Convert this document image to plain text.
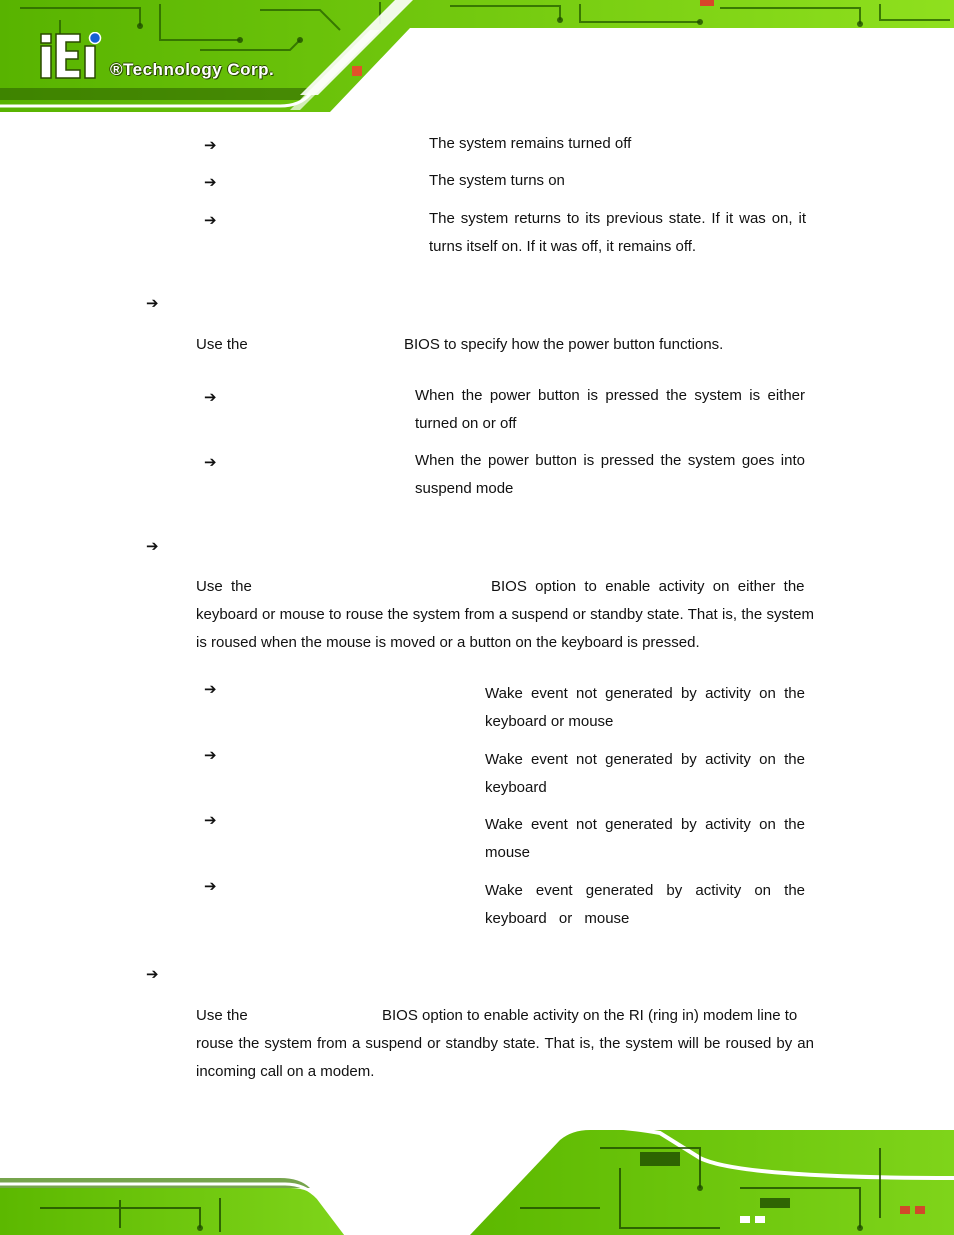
®Technology Corp.
➔	The system remains turned off
➔	The system turns on
➔	The system returns to its previous state. If it was on, it turns itself on. If it was off, it remains off.
➔
Use the	BIOS to specify how the power button functions.
➔	When the power button is pressed the system is either turned on or off
➔	When the power button is pressed the system goes into suspend mode
➔
Use  the	BIOS  option  to  enable  activity  on  either  the
keyboard or mouse to rouse the system from a suspend or standby state. That is, the system is roused when the mouse is moved or a button on the keyboard is pressed.
➔	Wake event not generated by activity on the keyboard or mouse
➔	Wake event not generated by activity on the keyboard
➔	Wake event not generated by activity on the mouse
➔	Wake event generated by activity on the keyboard or mouse
➔
Use the	BIOS option to enable activity on the RI (ring in) modem line to
rouse the system from a suspend or standby state. That is, the system will be roused by an incoming call on a modem.
